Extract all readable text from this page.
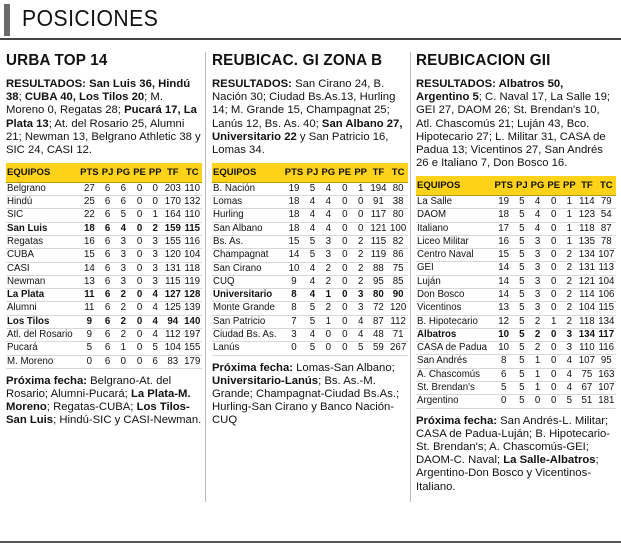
POSICIONES
URBA TOP 14
RESULTADOS: San Luis 36, Hindú 38; CUBA 40, Los Tilos 20; M. Moreno 0, Regatas 28; Pucará 17, La Plata 13; At. del Rosario 25, Alumni 21; Newman 13, Belgrano Athletic 38 y SIC 24, CASI 12.
EQUIPOS	PTS	PJ	PG	PE	PP	TF	TC
Belgrano	27	6	6	0	0	203	110
Hindú	25	6	6	0	0	170	132
SIC	22	6	5	0	1	164	110
San Luis	18	6	4	0	2	159	115
Regatas	16	6	3	0	3	155	116
CUBA	15	6	3	0	3	120	104
CASI	14	6	3	0	3	131	118
Newman	13	6	3	0	3	115	119
La Plata	11	6	2	0	4	127	128
Alumni	11	6	2	0	4	125	139
Los Tilos	9	6	2	0	4	94	140
Atl. del Rosario	9	6	2	0	4	112	197
Pucará	5	6	1	0	5	104	155
M. Moreno	0	6	0	0	6	83	179
Próxima fecha: Belgrano-At. del Rosario; Alumni-Pucará; La Plata-M. Moreno; Regatas-CUBA; Los Tilos-San Luis; Hindú-SIC y CASI-Newman.
REUBICAC. GI ZONA B
RESULTADOS: San Cirano 24, B. Nación 30; Ciudad Bs.As.13, Hurling 14; M. Grande 15, Champagnat 25; Lanús 12, Bs. As. 40; San Albano 27, Universitario 22 y San Patricio 16, Lomas 34.
EQUIPOS	PTS	PJ	PG	PE	PP	TF	TC
B. Nación	19	5	4	0	1	194	80
Lomas	18	4	4	0	0	91	38
Hurling	18	4	4	0	0	117	80
San Albano	18	4	4	0	0	121	100
Bs. As.	15	5	3	0	2	115	82
Champagnat	14	5	3	0	2	119	86
San Cirano	10	4	2	0	2	88	75
CUQ	9	4	2	0	2	95	85
Universitario	8	4	1	0	3	80	90
Monte Grande	8	5	2	0	3	72	120
San Patricio	7	5	1	0	4	87	112
Ciudad Bs. As.	3	4	0	0	4	48	71
Lanús	0	5	0	0	5	59	267
Próxima fecha: Lomas-San Albano; Universitario-Lanús; Bs. As.-M. Grande; Champagnat-Ciudad Bs.As.; Hurling-San Cirano y Banco Nación-CUQ
REUBICACION GII
RESULTADOS: Albatros 50, Argentino 5; C. Naval 17, La Salle 19; GEI 27, DAOM 26; St. Brendan's 10, Atl. Chascomús 21; Luján 43, Bco. Hipotecario 27; L. Militar 31, CASA de Padua 13; Vicentinos 27, San Andrés 26 e Italiano 7, Don Bosco 16.
EQUIPOS	PTS	PJ	PG	PE	PP	TF	TC
La Salle	19	5	4	0	1	114	79
DAOM	18	5	4	0	1	123	54
Italiano	17	5	4	0	1	118	87
Liceo Militar	16	5	3	0	1	135	78
Centro Naval	15	5	3	0	2	134	107
GEI	14	5	3	0	2	131	113
Luján	14	5	3	0	2	121	104
Don Bosco	14	5	3	0	2	114	106
Vicentinos	13	5	3	0	2	104	115
B. Hipotecario	12	5	2	1	2	118	134
Albatros	10	5	2	0	3	134	117
CASA de Padua	10	5	2	0	3	110	116
San Andrés	8	5	1	0	4	107	95
A. Chascomús	6	5	1	0	4	75	163
St. Brendan's	5	5	1	0	4	67	107
Argentino	0	5	0	0	5	51	181
Próxima fecha: San Andrés-L. Militar; CASA de Padua-Luján; B. Hipotecario-St. Brendan's; A. Chascomús-GEI; DAOM-C. Naval; La Salle-Albatros; Argentino-Don Bosco y Vicentinos-Italiano.
